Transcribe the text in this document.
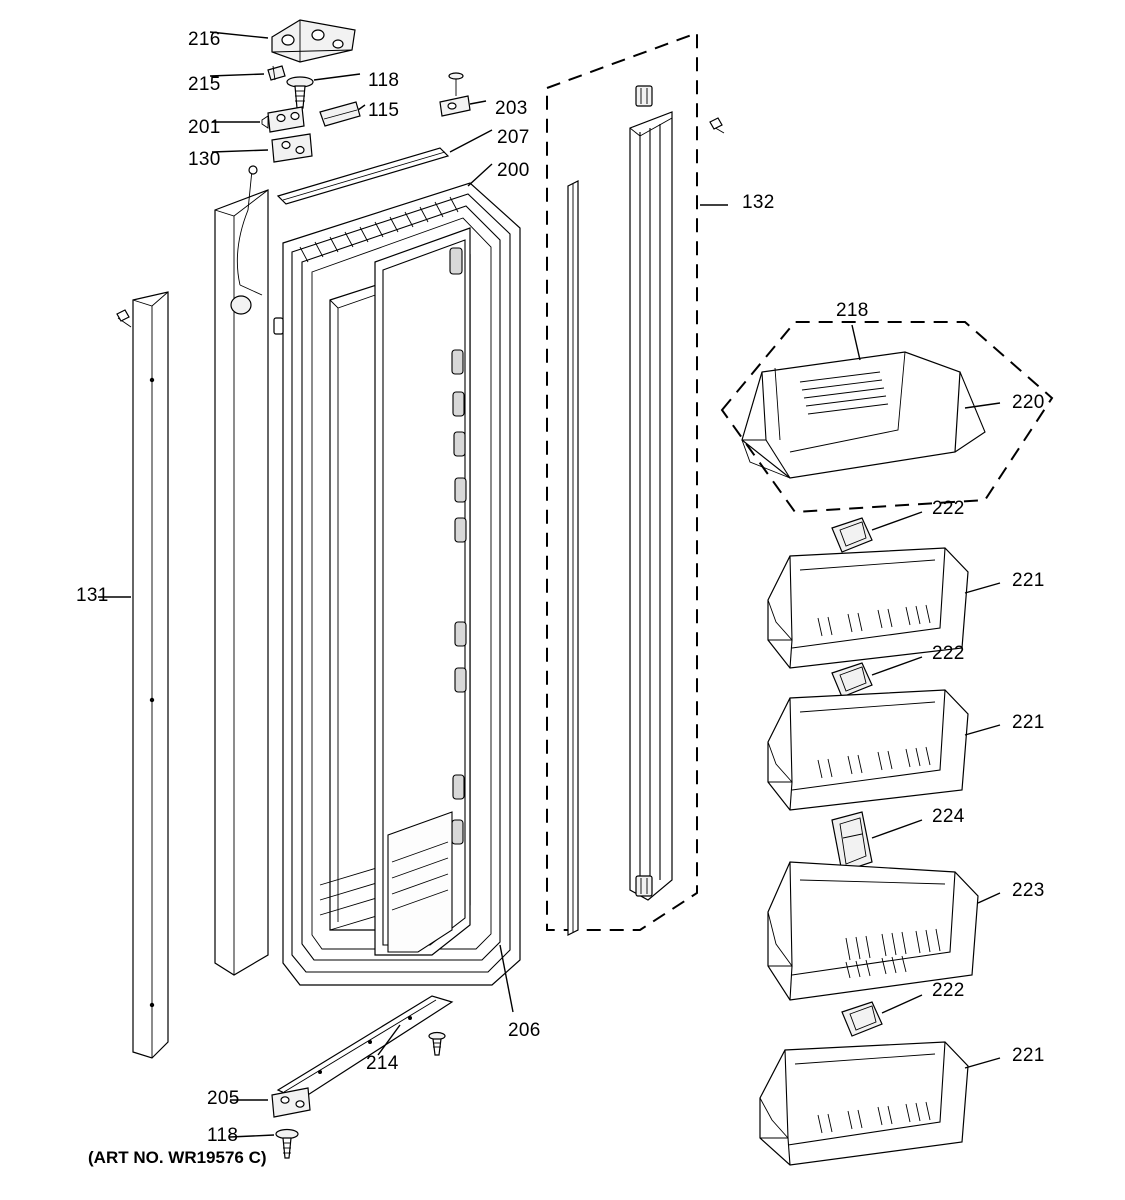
216
215	118
203
115
201	207
130
200
132
218
220
222
221
131
222
221
224
223
222
206
221
214
205
118
(ART NO. WR19576 C)
